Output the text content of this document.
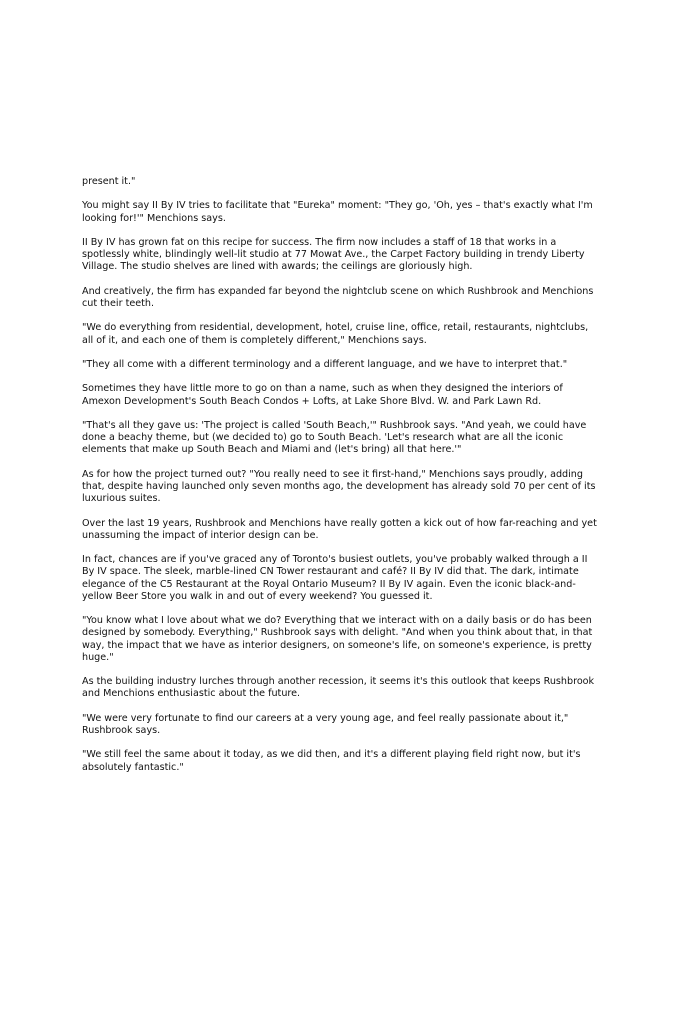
present it."

You might say II By IV tries to facilitate that "Eureka" moment: "They go, 'Oh, yes – that's exactly what I'm looking for!'" Menchions says.

II By IV has grown fat on this recipe for success. The firm now includes a staff of 18 that works in a spotlessly white, blindingly well-lit studio at 77 Mowat Ave., the Carpet Factory building in trendy Liberty Village. The studio shelves are lined with awards; the ceilings are gloriously high.

And creatively, the firm has expanded far beyond the nightclub scene on which Rushbrook and Menchions cut their teeth.

"We do everything from residential, development, hotel, cruise line, office, retail, restaurants, nightclubs, all of it, and each one of them is completely different," Menchions says.

"They all come with a different terminology and a different language, and we have to interpret that."

Sometimes they have little more to go on than a name, such as when they designed the interiors of Amexon Development's South Beach Condos + Lofts, at Lake Shore Blvd. W. and Park Lawn Rd.

"That's all they gave us: 'The project is called 'South Beach,'" Rushbrook says. "And yeah, we could have done a beachy theme, but (we decided to) go to South Beach. 'Let's research what are all the iconic elements that make up South Beach and Miami and (let's bring) all that here.'"

As for how the project turned out? "You really need to see it first-hand," Menchions says proudly, adding that, despite having launched only seven months ago, the development has already sold 70 per cent of its luxurious suites.

Over the last 19 years, Rushbrook and Menchions have really gotten a kick out of how far-reaching and yet unassuming the impact of interior design can be.

In fact, chances are if you've graced any of Toronto's busiest outlets, you've probably walked through a II By IV space. The sleek, marble-lined CN Tower restaurant and café? II By IV did that. The dark, intimate elegance of the C5 Restaurant at the Royal Ontario Museum? II By IV again. Even the iconic black-and-yellow Beer Store you walk in and out of every weekend? You guessed it.

"You know what I love about what we do? Everything that we interact with on a daily basis or do has been designed by somebody. Everything," Rushbrook says with delight. "And when you think about that, in that way, the impact that we have as interior designers, on someone's life, on someone's experience, is pretty huge."

As the building industry lurches through another recession, it seems it's this outlook that keeps Rushbrook and Menchions enthusiastic about the future.

"We were very fortunate to find our careers at a very young age, and feel really passionate about it," Rushbrook says.

"We still feel the same about it today, as we did then, and it's a different playing field right now, but it's absolutely fantastic."
